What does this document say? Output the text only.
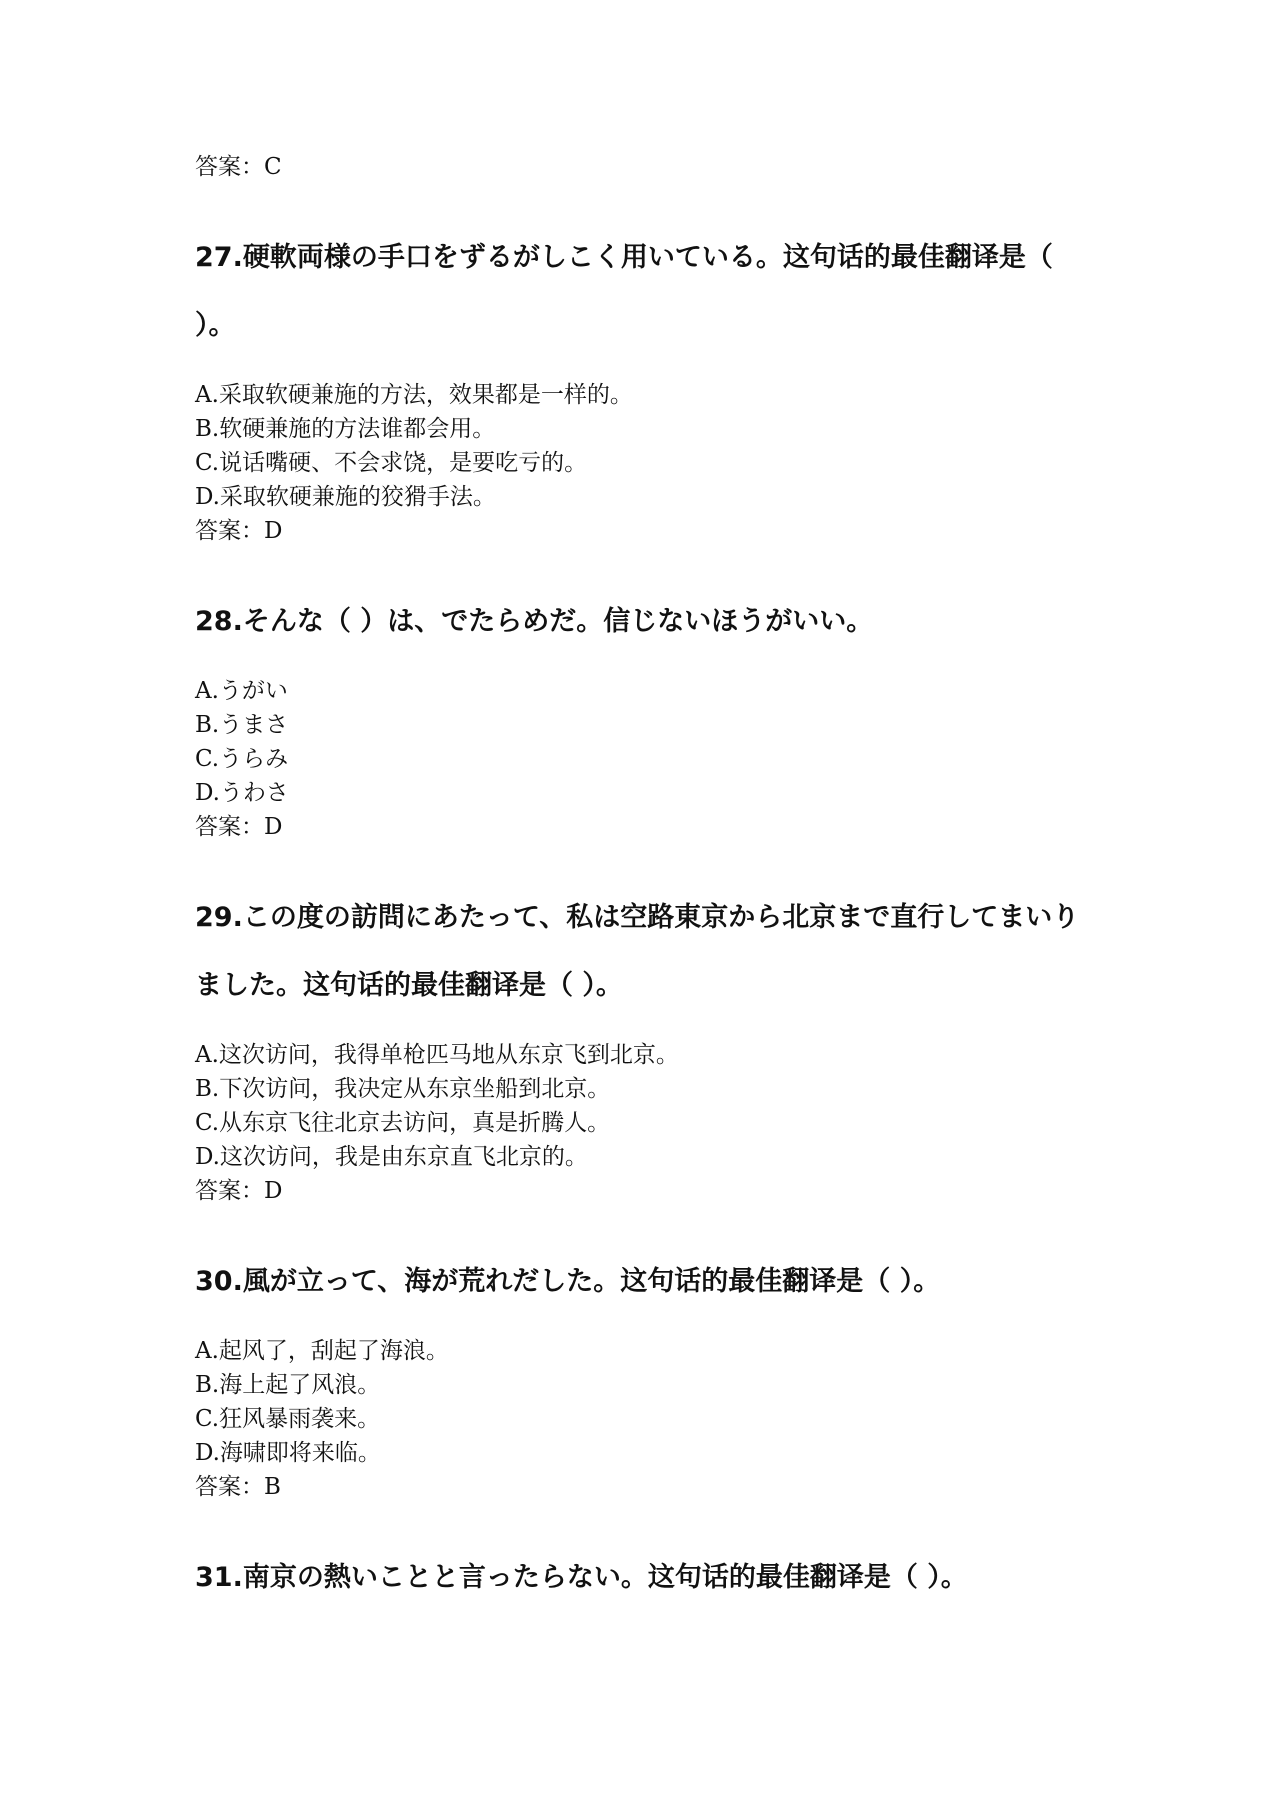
答案：C
27.硬軟両様の手口をずるがしこく用いている。这句话的最佳翻译是（ ）。
A.采取软硬兼施的方法，效果都是一样的。
B.软硬兼施的方法谁都会用。
C.说话嘴硬、不会求饶，是要吃亏的。
D.采取软硬兼施的狡猾手法。
答案：D
28.そんな（ ）は、でたらめだ。信じないほうがいい。
A.うがい
B.うまさ
C.うらみ
D.うわさ
答案：D
29.この度の訪問にあたって、私は空路東京から北京まで直行してまいりました。这句话的最佳翻译是（ ）。
A.这次访问，我得单枪匹马地从东京飞到北京。
B.下次访问，我决定从东京坐船到北京。
C.从东京飞往北京去访问，真是折腾人。
D.这次访问，我是由东京直飞北京的。
答案：D
30.風が立って、海が荒れだした。这句话的最佳翻译是（ ）。
A.起风了，刮起了海浪。
B.海上起了风浪。
C.狂风暴雨袭来。
D.海啸即将来临。
答案：B
31.南京の熱いことと言ったらない。这句话的最佳翻译是（ ）。
